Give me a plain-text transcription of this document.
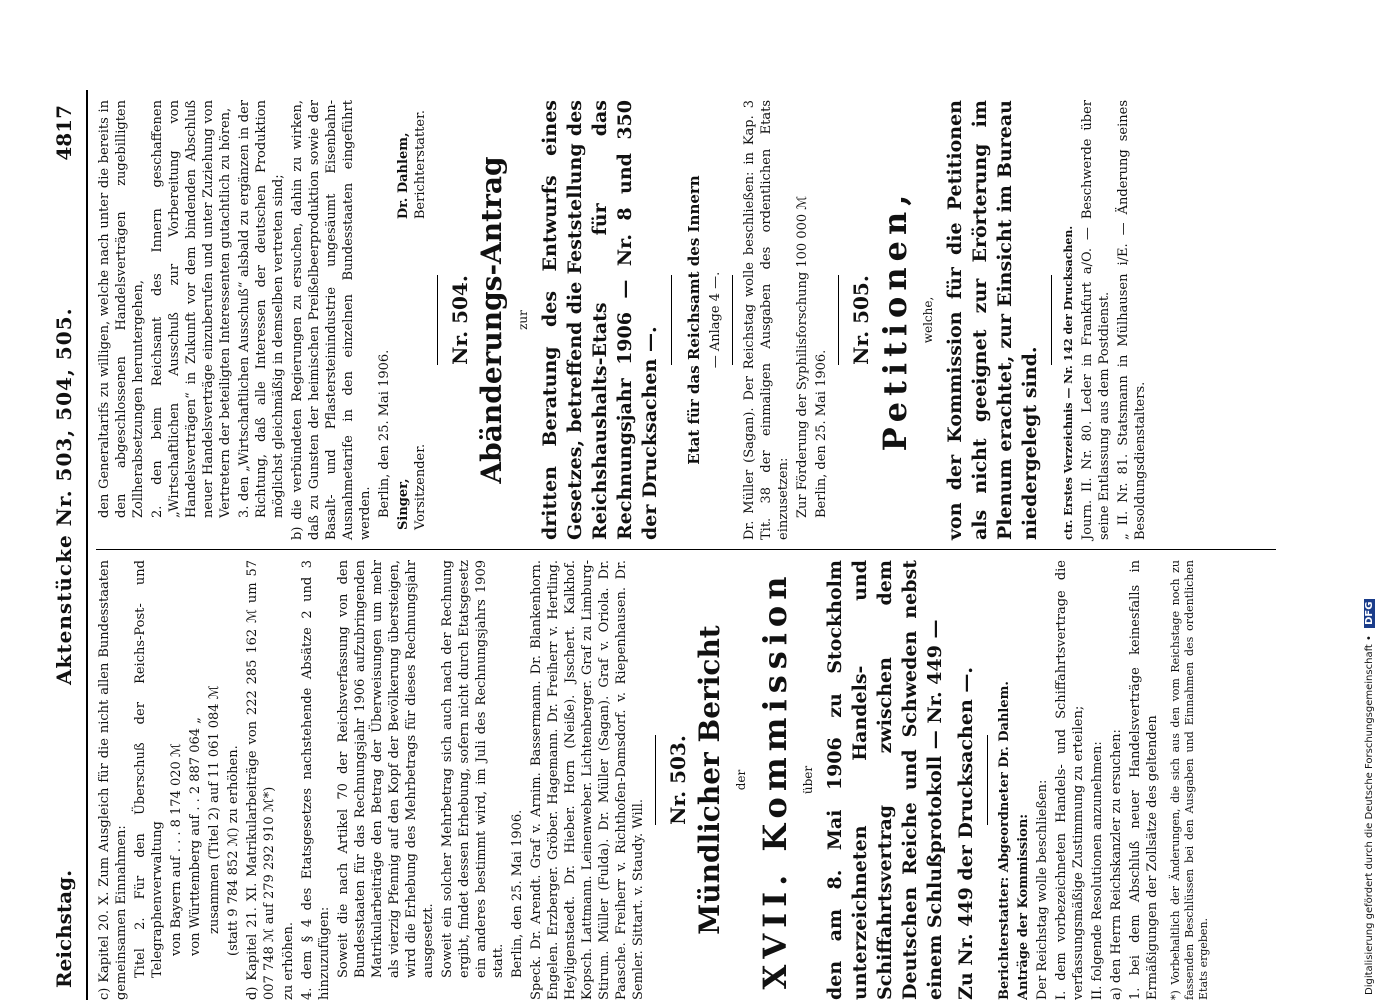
Reichstag.
Aktenstücke Nr. 503, 504, 505.
4817

c) Kapitel 20. X. Zum Ausgleich für die nicht allen Bundesstaaten gemeinsamen Einnahmen: Titel 2. Für den Überschuß der Reichs-Post- und Telegraphenverwaltung von Bayern auf . . . 8 174 020 ℳ von Württemberg auf . . 2 887 064 „ zusammen (Titel 2) auf 11 061 084 ℳ (statt 9 784 852 ℳ) zu erhöhen. d) Kapitel 21. XI. Matrikularbeiträge von 222 285 162 ℳ um 57 007 748 ℳ auf 279 292 910 ℳ*) zu erhöhen. 4. dem § 4 des Etatsgesetzes nachstehende Absätze 2 und 3 hinzuzufügen: Soweit die nach Artikel 70 der Reichsverfassung von den Bundesstaaten für das Rechnungsjahr 1906 aufzubringenden Matrikularbeiträge den Betrag der Überweisungen um mehr als vierzig Pfennig auf den Kopf der Bevölkerung übersteigen, wird die Erhebung des Mehrbetrags für dieses Rechnungsjahr ausgesetzt. Soweit ein solcher Mehrbetrag sich auch nach der Rechnung ergibt, findet dessen Erhebung, sofern nicht durch Etatsgesetz ein anderes bestimmt wird, im Juli des Rechnungsjahrs 1909 statt. Berlin, den 25. Mai 1906. Speck. Dr. Arendt. Graf v. Arnim. Bassermann. Dr. Blankenhorn. Engelen. Erzberger. Gröber. Hagemann. Dr. Freiherr v. Hertling. Heyligenstaedt. Dr. Hieber. Horn (Neiße). Jsschert. Kalkhof. Kopsch. Lattmann. Leinenweber. Lichtenberger. Graf zu Limburg-Stirum. Müller (Fulda). Dr. Müller (Sagan). Graf v. Oriola. Dr. Paasche. Freiherr v. Richthofen-Damsdorf. v. Riepenhausen. Dr. Semler. Sittart. v. Staudy. Will.

Nr. 503. Mündlicher Bericht der XVII. Kommission über den am 8. Mai 1906 zu Stockholm unterzeichneten Handels- und Schiffahrtsvertrag zwischen dem Deutschen Reiche und Schweden nebst einem Schlußprotokoll — Nr. 449 — Zu Nr. 449 der Drucksachen —. Berichterstatter: Abgeordneter Dr. Dahlem. Anträge der Kommission: Der Reichstag wolle beschließen: I. dem vorbezeichneten Handels- und Schiffahrtsvertrage die verfassungsmäßige Zustimmung zu erteilen; II. folgende Resolutionen anzunehmen: a) den Herrn Reichskanzler zu ersuchen: 1. bei dem Abschluß neuer Handelsverträge keinesfalls in Ermäßigungen der Zollsätze des geltenden *) Vorbehaltlich der Änderungen, die sich aus den vom Reichstage noch zu fassenden Beschlüssen bei den Ausgaben und Einnahmen des ordentlichen Etats ergeben.

den Generaltarifs zu willigen, welche nach unter die bereits in den abgeschlossenen Handelsverträgen zugebilligten Zollherabsetzungen heruntergehen, 2. den beim Reichsamt des Innern geschaffenen „Wirtschaftlichen Ausschuß zur Vorbereitung von Handelsverträgen“ in Zukunft vor dem bindenden Abschluß neuer Handelsverträge einzuberufen und unter Zuziehung von Vertretern der beteiligten Interessenten gutachtlich zu hören, 3. den „Wirtschaftlichen Ausschuß“ alsbald zu ergänzen in der Richtung, daß alle Interessen der deutschen Produktion möglichst gleichmäßig in demselben vertreten sind; b) die verbündeten Regierungen zu ersuchen, dahin zu wirken, daß zu Gunsten der heimischen Preißelbeerproduktion sowie der Basalt- und Pflastersteinindustrie ungesäumt Eisenbahn-Ausnahmetarife in den einzelnen Bundesstaaten eingeführt werden. Berlin, den 25. Mai 1906. Singer, Vorsitzender.
Dr. Dahlem, Berichterstatter.
Nr. 504. Abänderungs-Antrag zur dritten Beratung des Entwurfs eines Gesetzes, betreffend die Feststellung des Reichshaushalts-Etats für das Rechnungsjahr 1906 — Nr. 8 und 350 der Drucksachen —. Etat für das Reichsamt des Innern — Anlage 4 —. Dr. Müller (Sagan). Der Reichstag wolle beschließen: in Kap. 3 Tit. 38 der einmaligen Ausgaben des ordentlichen Etats einzusetzen: Zur Förderung der Syphilisforschung 100 000 ℳ Berlin, den 25. Mai 1906.

Nr. 505. Petitionen, welche, von der Kommission für die Petitionen als nicht geeignet zur Erörterung im Plenum erachtet, zur Einsicht im Bureau niedergelegt sind. ctr. Erstes Verzeichnis — Nr. 142 der Drucksachen. Journ. II. Nr. 80. Leder in Frankfurt a/O. — Beschwerde über seine Entlassung aus dem Postdienst. „ II. Nr. 81. Statsmann in Mülhausen i/E. — Änderung seines Besoldungsdienstalters.

Digitalisierung gefördert durch die Deutsche Forschungsgemeinschaft • DFG
